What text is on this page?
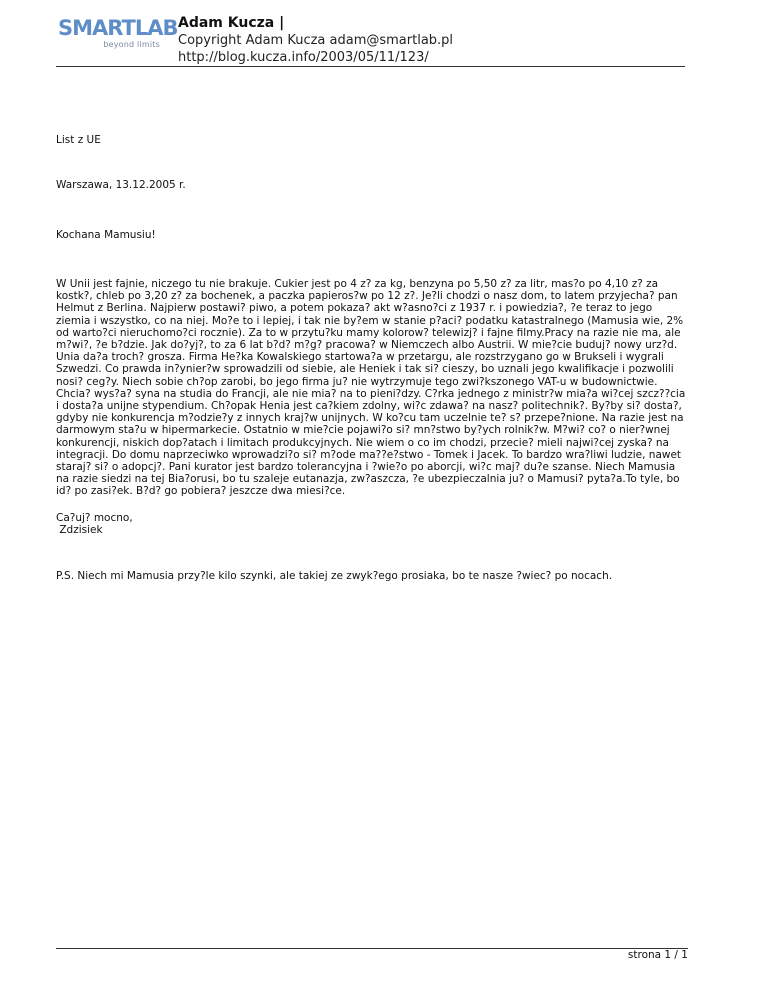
SMARTLAB
beyond limits
Adam Kucza |
Copyright Adam Kucza adam@smartlab.pl
http://blog.kucza.info/2003/05/11/123/
List z UE
Warszawa, 13.12.2005 r.
Kochana Mamusiu!
W Unii jest fajnie, niczego tu nie brakuje. Cukier jest po 4 z? za kg, benzyna po 5,50 z? za litr, mas?o po 4,10 z? za kostk?, chleb po 3,20 z? za bochenek, a paczka papieros?w po 12 z?. Je?li chodzi o nasz dom, to latem przyjecha? pan Helmut z Berlina. Najpierw postawi? piwo, a potem pokaza? akt w?asno?ci z 1937 r. i powiedzia?, ?e teraz to jego ziemia i wszystko, co na niej. Mo?e to i lepiej, i tak nie by?em w stanie p?aci? podatku katastralnego (Mamusia wie, 2% od warto?ci nieruchomo?ci rocznie). Za to w przytu?ku mamy kolorow? telewizj? i fajne filmy.Pracy na razie nie ma, ale m?wi?, ?e b?dzie. Jak do?yj?, to za 6 lat b?d? m?g? pracowa? w Niemczech albo Austrii. W mie?cie buduj? nowy urz?d. Unia da?a troch? grosza. Firma He?ka Kowalskiego startowa?a w przetargu, ale rozstrzygano go w Brukseli i wygrali Szwedzi. Co prawda in?ynier?w sprowadzili od siebie, ale Heniek i tak si? cieszy, bo uznali jego kwalifikacje i pozwolili nosi? ceg?y. Niech sobie ch?op zarobi, bo jego firma ju? nie wytrzymuje tego zwi?kszonego VAT-u w budownictwie. Chcia? wys?a? syna na studia do Francji, ale nie mia? na to pieni?dzy. C?rka jednego z ministr?w mia?a wi?cej szcz??cia i dosta?a unijne stypendium. Ch?opak Henia jest ca?kiem zdolny, wi?c zdawa? na nasz? politechnik?. By?by si? dosta?, gdyby nie konkurencja m?odzie?y z innych kraj?w unijnych. W ko?cu tam uczelnie te? s? przepe?nione. Na razie jest na darmowym sta?u w hipermarkecie. Ostatnio w mie?cie pojawi?o si? mn?stwo by?ych rolnik?w. M?wi? co? o nier?wnej konkurencji, niskich dop?atach i limitach produkcyjnych. Nie wiem o co im chodzi, przecie? mieli najwi?cej zyska? na integracji. Do domu naprzeciwko wprowadzi?o si? m?ode ma??e?stwo - Tomek i Jacek. To bardzo wra?liwi ludzie, nawet staraj? si? o adopcj?. Pani kurator jest bardzo tolerancyjna i ?wie?o po aborcji, wi?c maj? du?e szanse. Niech Mamusia na razie siedzi na tej Bia?orusi, bo tu szaleje eutanazja, zw?aszcza, ?e ubezpieczalnia ju? o Mamusi? pyta?a.To tyle, bo id? po zasi?ek. B?d? go pobiera? jeszcze dwa miesi?ce.
Ca?uj? mocno,
Zdzisiek
P.S. Niech mi Mamusia przy?le kilo szynki, ale takiej ze zwyk?ego prosiaka, bo te nasze ?wiec? po nocach.
strona 1 / 1
